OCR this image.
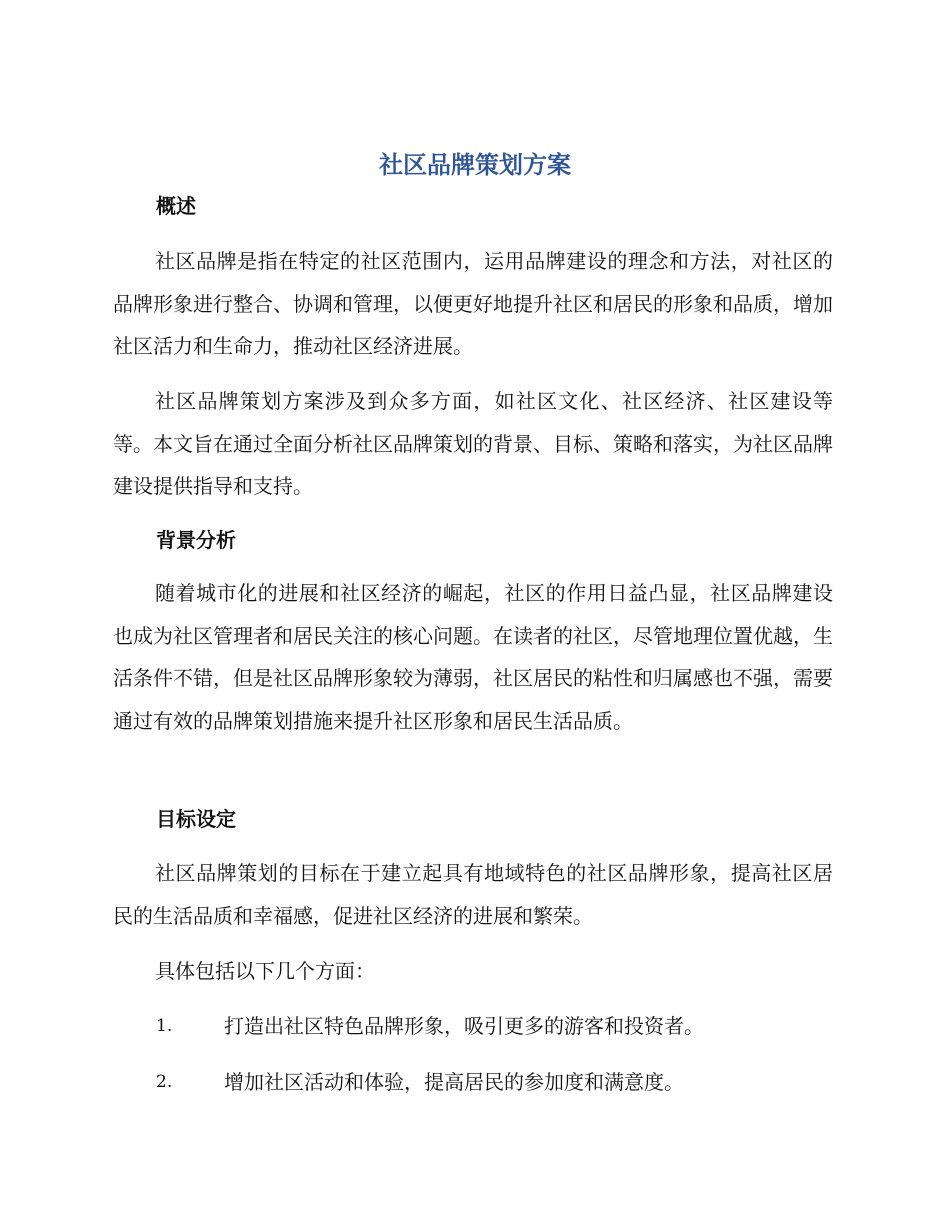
社区品牌策划方案
概述
社区品牌是指在特定的社区范围内，运用品牌建设的理念和方法，对社区的品牌形象进行整合、协调和管理，以便更好地提升社区和居民的形象和品质，增加社区活力和生命力，推动社区经济进展。
社区品牌策划方案涉及到众多方面，如社区文化、社区经济、社区建设等等。本文旨在通过全面分析社区品牌策划的背景、目标、策略和落实，为社区品牌建设提供指导和支持。
背景分析
随着城市化的进展和社区经济的崛起，社区的作用日益凸显，社区品牌建设也成为社区管理者和居民关注的核心问题。在读者的社区，尽管地理位置优越，生活条件不错，但是社区品牌形象较为薄弱，社区居民的粘性和归属感也不强，需要通过有效的品牌策划措施来提升社区形象和居民生活品质。
目标设定
社区品牌策划的目标在于建立起具有地域特色的社区品牌形象，提高社区居民的生活品质和幸福感，促进社区经济的进展和繁荣。
具体包括以下几个方面：
1.	打造出社区特色品牌形象，吸引更多的游客和投资者。
2.	增加社区活动和体验，提高居民的参加度和满意度。
